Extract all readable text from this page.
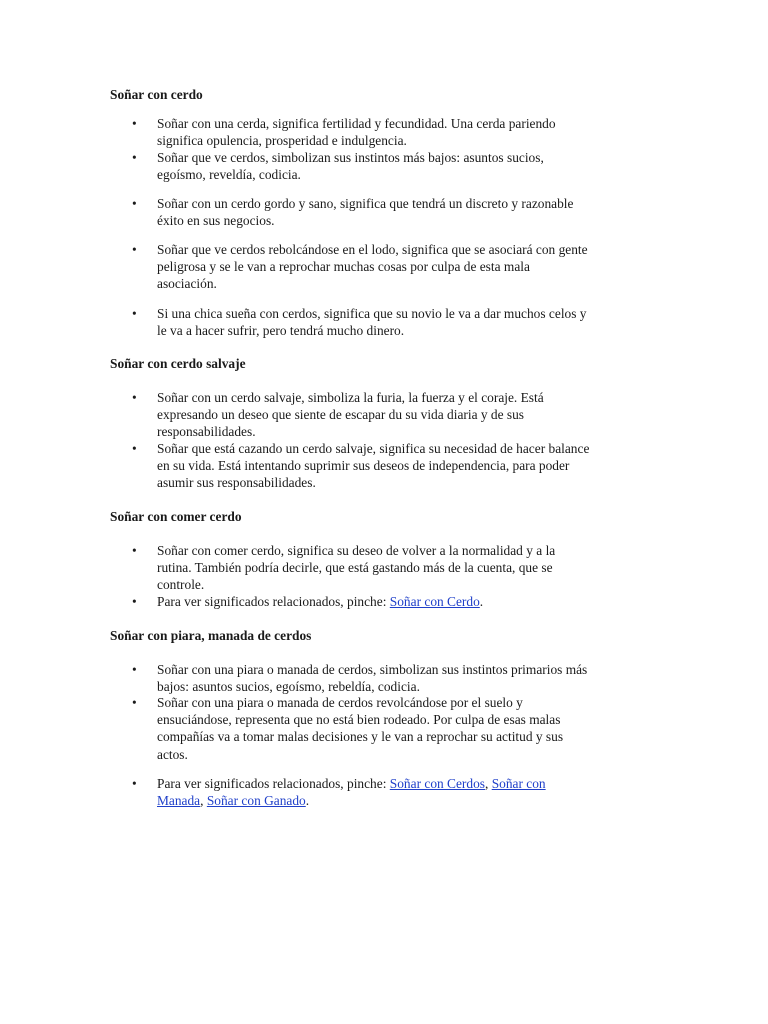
Soñar con cerdo
•	Soñar con una cerda, significa fertilidad y fecundidad. Una cerda pariendo
significa opulencia, prosperidad e indulgencia.
•	Soñar que ve cerdos, simbolizan sus instintos más bajos: asuntos sucios,
egoísmo, reveldía, codicia.
•	Soñar con un cerdo gordo y sano, significa que tendrá un discreto y razonable
éxito en sus negocios.
•	Soñar que ve cerdos rebolcándose en el lodo, significa que se asociará con gente
peligrosa y se le van a reprochar muchas cosas por culpa de esta mala
asociación.
•	Si una chica sueña con cerdos, significa que su novio le va a dar muchos celos y
le va a hacer sufrir, pero tendrá mucho dinero.
Soñar con cerdo salvaje
•	Soñar con un cerdo salvaje, simboliza la furia, la fuerza y el coraje. Está
expresando un deseo que siente de escapar du su vida diaria y de sus
responsabilidades.
•	Soñar que está cazando un cerdo salvaje, significa su necesidad de hacer balance
en su vida. Está intentando suprimir sus deseos de independencia, para poder
asumir sus responsabilidades.
Soñar con comer cerdo
•	Soñar con comer cerdo, significa su deseo de volver a la normalidad y a la
rutina. También podría decirle, que está gastando más de la cuenta, que se
controle.
•	Para ver significados relacionados, pinche: Soñar con Cerdo.
Soñar con piara, manada de cerdos
•	Soñar con una piara o manada de cerdos, simbolizan sus instintos primarios más
bajos: asuntos sucios, egoísmo, rebeldía, codicia.
•	Soñar con una piara o manada de cerdos revolcándose por el suelo y
ensuciándose, representa que no está bien rodeado. Por culpa de esas malas
compañías va a tomar malas decisiones y le van a reprochar su actitud y sus
actos.
•	Para ver significados relacionados, pinche: Soñar con Cerdos, Soñar con
Manada, Soñar con Ganado.
